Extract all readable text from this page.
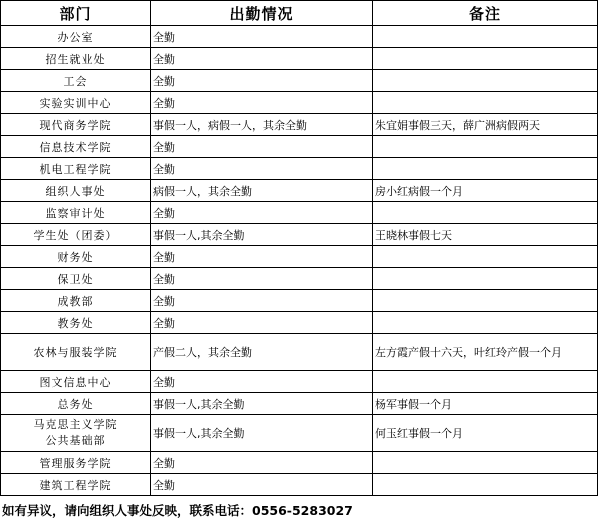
部门	出勤情况	备注

办公室	全勤	

招生就业处	全勤	

工会	全勤	

实验实训中心	全勤	

现代商务学院	事假一人，病假一人，其余全勤	朱宜娟事假三天，薛广洲病假两天

信息技术学院	全勤	

机电工程学院	全勤	

组织人事处	病假一人，其余全勤	房小红病假一个月

监察审计处	全勤	

学生处（团委）	事假一人,其余全勤	王晓林事假七天

财务处	全勤	

保卫处	全勤	

成教部	全勤	

教务处	全勤	

农林与服装学院	产假二人，其余全勤	左方霞产假十六天，叶红玲产假一个月

图文信息中心	全勤	

总务处	事假一人,其余全勤	杨军事假一个月

马克思主义学院
公共基础部	事假一人,其余全勤	何玉红事假一个月

管理服务学院	全勤	

建筑工程学院	全勤	
如有异议，请向组织人事处反映，联系电话：0556-5283027
